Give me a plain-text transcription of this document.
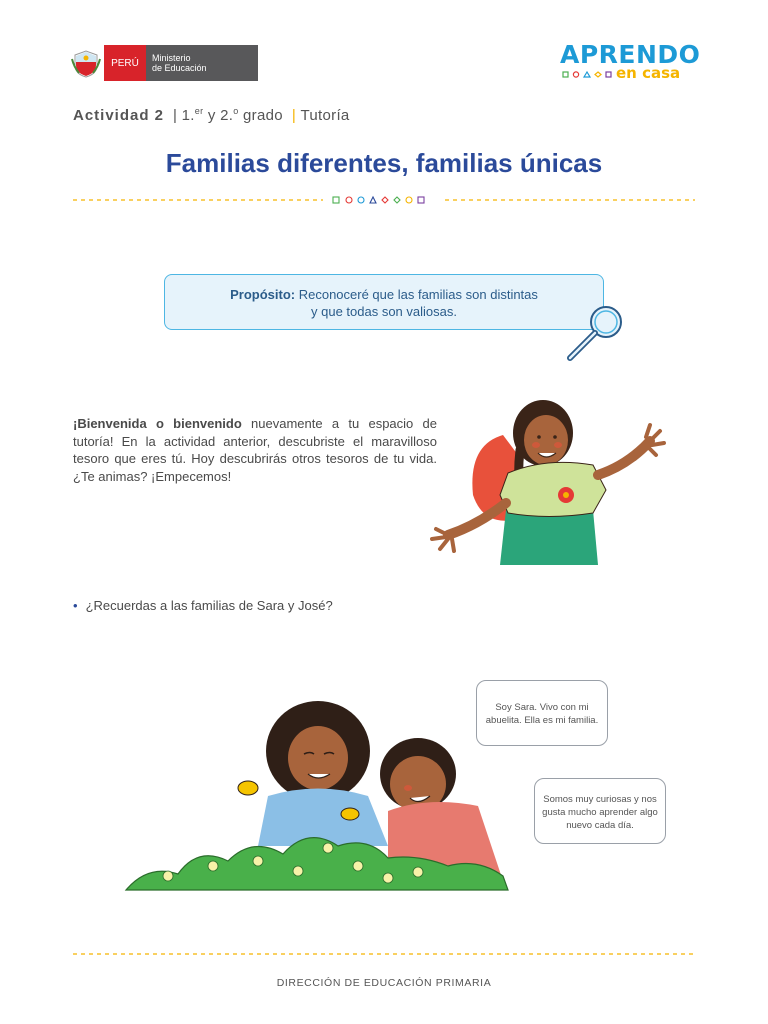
PERÚ	Ministerio
de Educación	APRENDO
en casa
Actividad 2  | 1.$^{er}$ y 2.$^o$ grado  | Tutoría
Familias diferentes, familias únicas
Propósito: Reconoceré que las familias son distintas
y que todas son valiosas.
¡Bienvenida o bienvenido nuevamente a tu espacio de tutoría! En la actividad anterior, descubriste el maravilloso tesoro que eres tú. Hoy descubrirás otros tesoros de tu vida. ¿Te animas? ¡Empecemos!
• ¿Recuerdas a las familias de Sara y José?
Soy Sara. Vivo con mi abuelita. Ella es mi familia.
Somos muy curiosas y nos gusta mucho aprender algo nuevo cada día.
DIRECCIÓN DE EDUCACIÓN PRIMARIA
